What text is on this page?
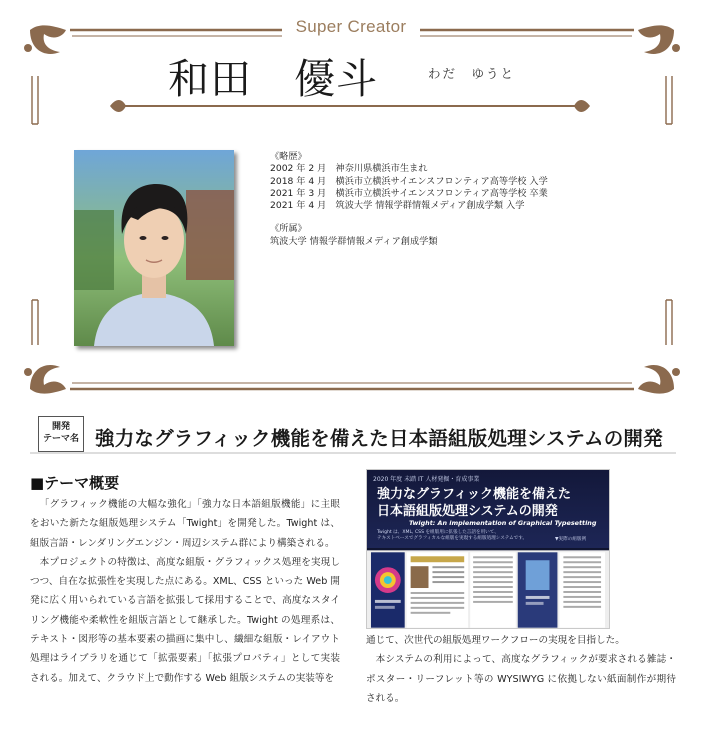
Super Creator
和田　優斗	わだ　ゆうと
《略歴》
2002 年 2 月　神奈川県横浜市生まれ
2018 年 4 月　横浜市立横浜サイエンスフロンティア高等学校 入学
2021 年 3 月　横浜市立横浜サイエンスフロンティア高等学校 卒業
2021 年 4 月　筑波大学 情報学群情報メディア創成学類 入学
《所属》
筑波大学 情報学群情報メディア創成学類
開発
テーマ名 強力なグラフィック機能を備えた日本語組版処理システムの開発
■テーマ概要

「グラフィック機能の大幅な強化」「強力な日本語組版機能」に主眼をおいた新たな組版処理システム「Twight」を開発した。Twight は、組版言語・レンダリングエンジン・周辺システム群により構築される。

本プロジェクトの特徴は、高度な組版・グラフィックス処理を実現しつつ、自在な拡張性を実現した点にある。XML、CSS といった Web 開発に広く用いられている言語を拡張して採用することで、高度なスタイリング機能や柔軟性を組版言語として継承した。Twight の処理系は、テキスト・図形等の基本要素の描画に集中し、繊細な組版・レイアウト処理はライブラリを通じて「拡張要素」「拡張プロパティ」として実装される。加えて、クラウド上で動作する Web 組版システムの実装等を

2020 年度 未踏 IT 人材発掘・育成事業
強力なグラフィック機能を備えた
日本語組版処理システムの開発
Twight: An implementation of Graphical Typesetting
Twight は、XML, CSS を組版用に拡張した言語を用いて、
テキストベースでグラフィカルな組版を実現する組版処理システムです。	▼実際の組版例

通じて、次世代の組版処理ワークフローの実現を目指した。

本システムの利用によって、高度なグラフィックが要求される雑誌・ポスター・リーフレット等の WYSIWYG に依拠しない紙面制作が期待される。
